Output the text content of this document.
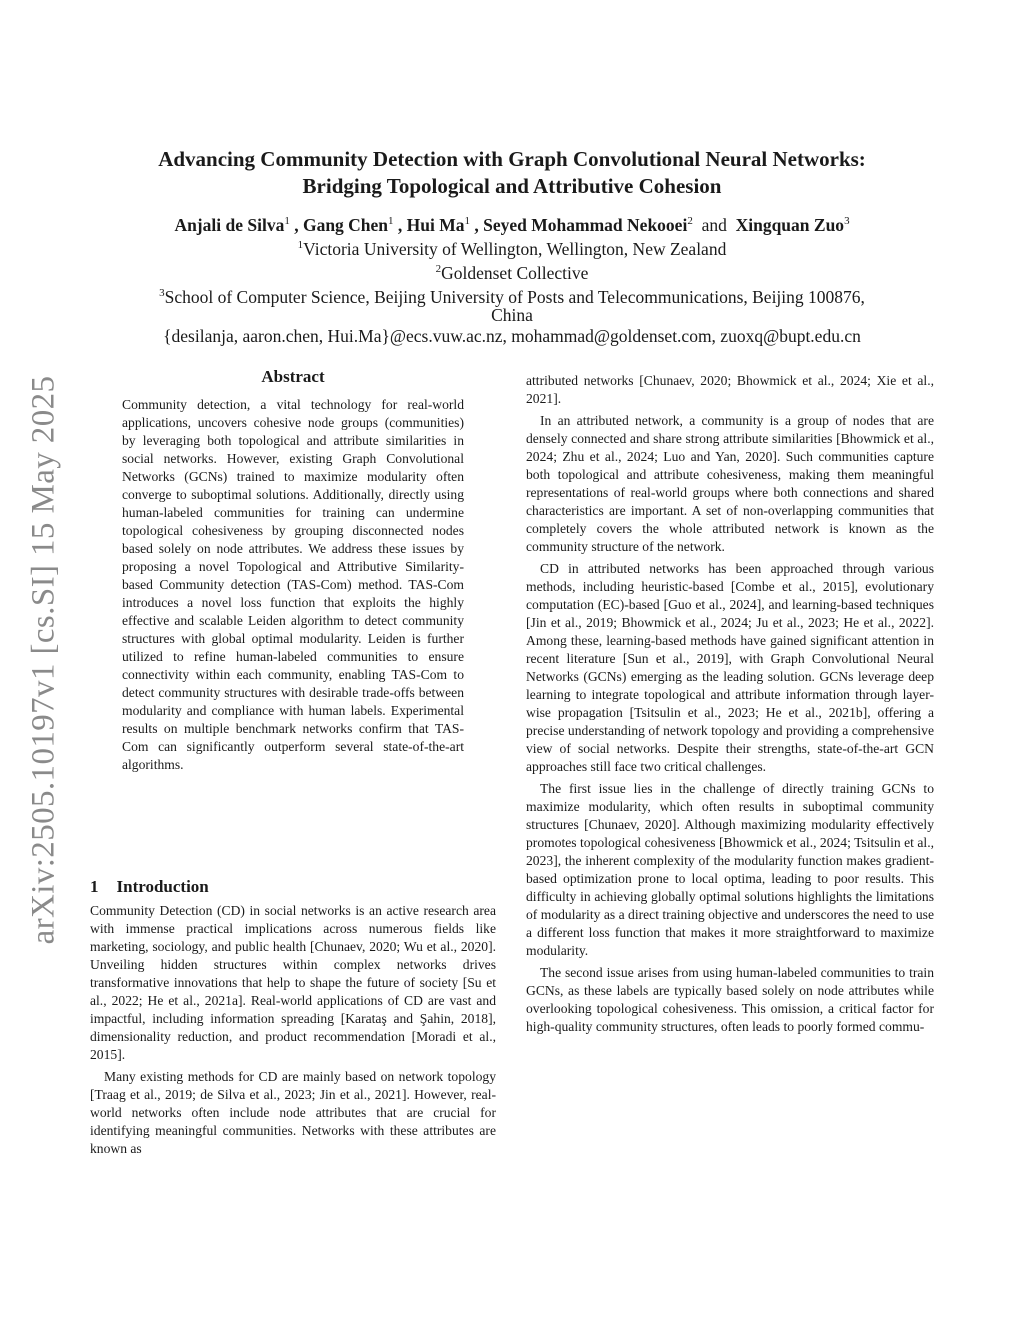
arXiv:2505.10197v1 [cs.SI] 15 May 2025
Advancing Community Detection with Graph Convolutional Neural Networks:
Bridging Topological and Attributive Cohesion
Anjali de Silva$^1$ , Gang Chen$^1$ , Hui Ma$^1$ , Seyed Mohammad Nekooei$^2$ and Xingquan Zuo$^3$
$^1$Victoria University of Wellington, Wellington, New Zealand
$^2$Goldenset Collective
$^3$School of Computer Science, Beijing University of Posts and Telecommunications, Beijing 100876,
China
{desilanja, aaron.chen, Hui.Ma}@ecs.vuw.ac.nz, mohammad@goldenset.com, zuoxq@bupt.edu.cn
Abstract

Community detection, a vital technology for real-world applications, uncovers cohesive node groups (communities) by leveraging both topological and attribute similarities in social networks. However, existing Graph Convolutional Networks (GCNs) trained to maximize modularity often converge to suboptimal solutions. Additionally, directly using human-labeled communities for training can undermine topological cohesiveness by grouping disconnected nodes based solely on node attributes. We address these issues by proposing a novel Topological and Attributive Similarity-based Community detection (TAS-Com) method. TAS-Com introduces a novel loss function that exploits the highly effective and scalable Leiden algorithm to detect community structures with global optimal modularity. Leiden is further utilized to refine human-labeled communities to ensure connectivity within each community, enabling TAS-Com to detect community structures with desirable trade-offs between modularity and compliance with human labels. Experimental results on multiple benchmark networks confirm that TAS-Com can significantly outperform several state-of-the-art algorithms.

1 Introduction

Community Detection (CD) in social networks is an active research area with immense practical implications across numerous fields like marketing, sociology, and public health [Chunaev, 2020; Wu et al., 2020]. Unveiling hidden structures within complex networks drives transformative innovations that help to shape the future of society [Su et al., 2022; He et al., 2021a]. Real-world applications of CD are vast and impactful, including information spreading [Karataş and Şahin, 2018], dimensionality reduction, and product recommendation [Moradi et al., 2015].

Many existing methods for CD are mainly based on network topology [Traag et al., 2019; de Silva et al., 2023; Jin et al., 2021]. However, real-world networks often include node attributes that are crucial for identifying meaningful communities. Networks with these attributes are known as

attributed networks [Chunaev, 2020; Bhowmick et al., 2024; Xie et al., 2021].

In an attributed network, a community is a group of nodes that are densely connected and share strong attribute similarities [Bhowmick et al., 2024; Zhu et al., 2024; Luo and Yan, 2020]. Such communities capture both topological and attribute cohesiveness, making them meaningful representations of real-world groups where both connections and shared characteristics are important. A set of non-overlapping communities that completely covers the whole attributed network is known as the community structure of the network.

CD in attributed networks has been approached through various methods, including heuristic-based [Combe et al., 2015], evolutionary computation (EC)-based [Guo et al., 2024], and learning-based techniques [Jin et al., 2019; Bhowmick et al., 2024; Ju et al., 2023; He et al., 2022]. Among these, learning-based methods have gained significant attention in recent literature [Sun et al., 2019], with Graph Convolutional Neural Networks (GCNs) emerging as the leading solution. GCNs leverage deep learning to integrate topological and attribute information through layer-wise propagation [Tsitsulin et al., 2023; He et al., 2021b], offering a precise understanding of network topology and providing a comprehensive view of social networks. Despite their strengths, state-of-the-art GCN approaches still face two critical challenges.

The first issue lies in the challenge of directly training GCNs to maximize modularity, which often results in suboptimal community structures [Chunaev, 2020]. Although maximizing modularity effectively promotes topological cohesiveness [Bhowmick et al., 2024; Tsitsulin et al., 2023], the inherent complexity of the modularity function makes gradient-based optimization prone to local optima, leading to poor results. This difficulty in achieving globally optimal solutions highlights the limitations of modularity as a direct training objective and underscores the need to use a different loss function that makes it more straightforward to maximize modularity.

The second issue arises from using human-labeled communities to train GCNs, as these labels are typically based solely on node attributes while overlooking topological cohesiveness. This omission, a critical factor for high-quality community structures, often leads to poorly formed commu-
